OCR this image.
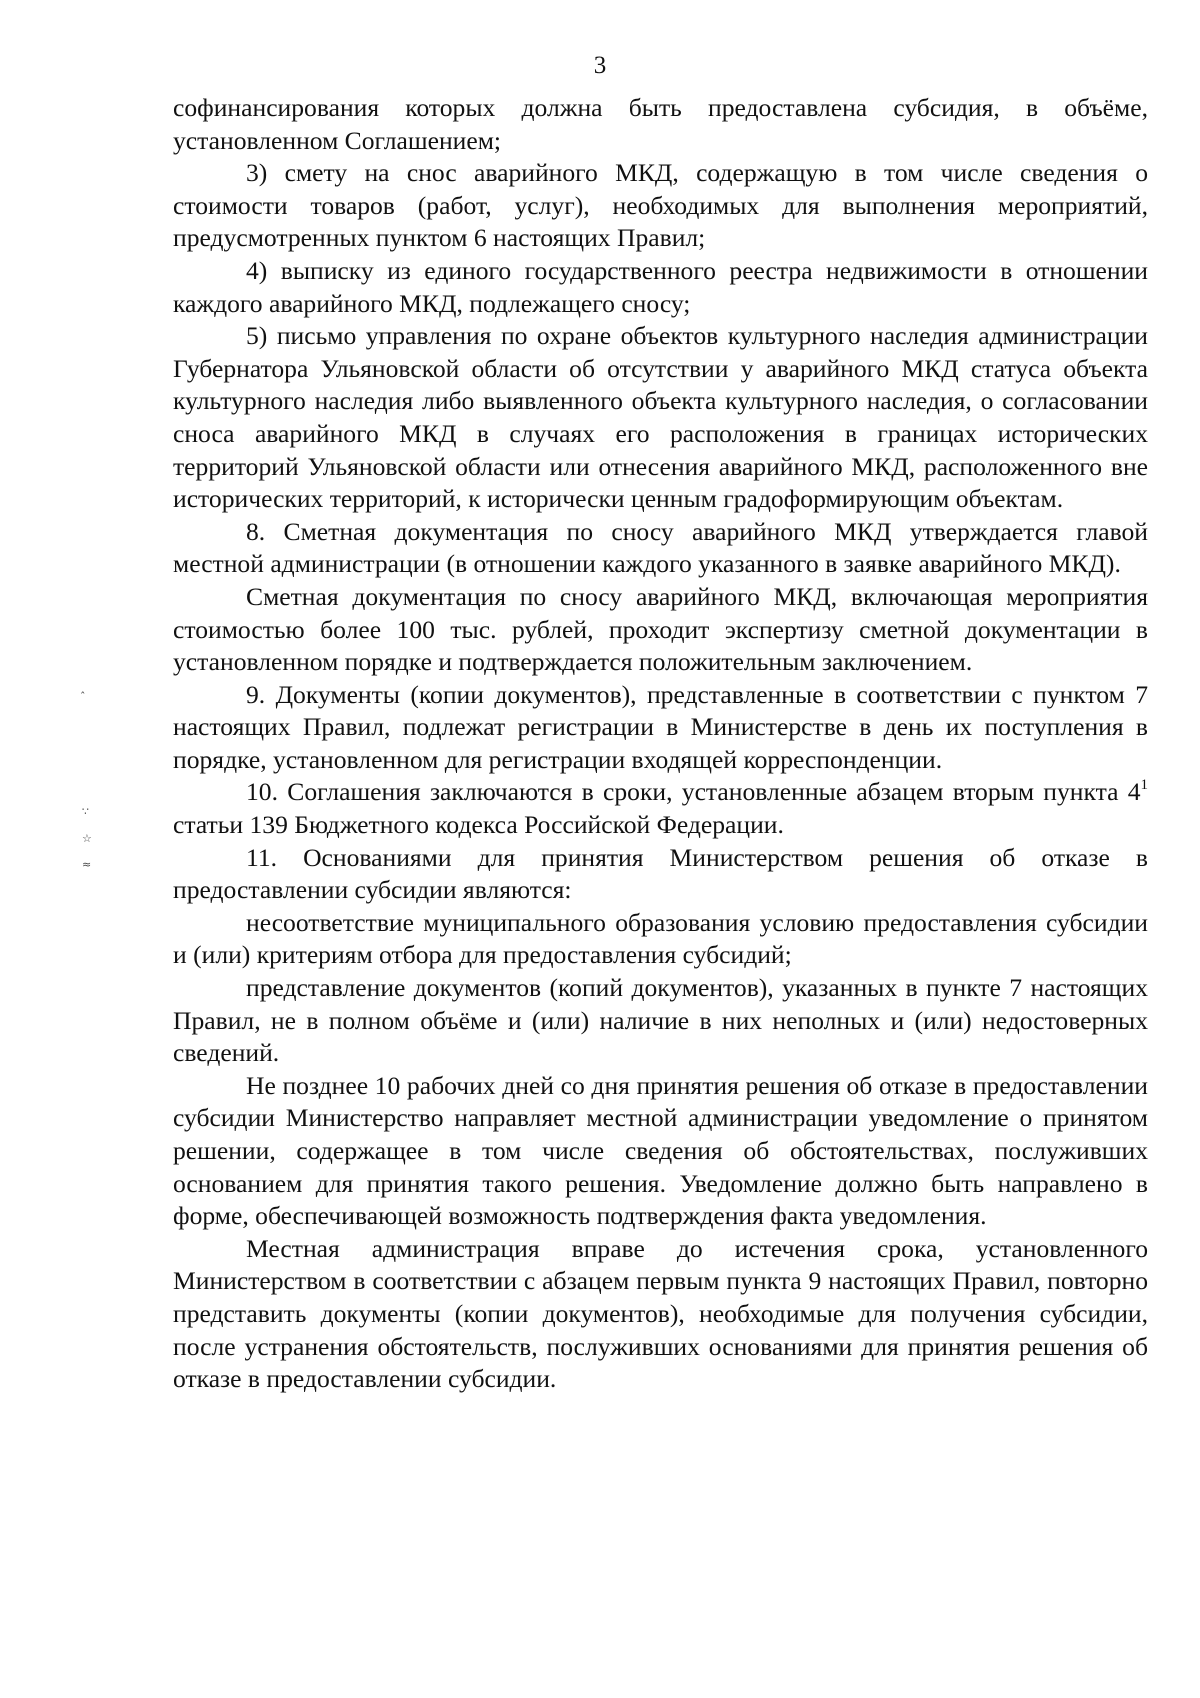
3

софинансирования которых должна быть предоставлена субсидия, в объёме, установленном Соглашением;

3) смету на снос аварийного МКД, содержащую в том числе сведения о стоимости товаров (работ, услуг), необходимых для выполнения мероприятий, предусмотренных пунктом 6 настоящих Правил;

4) выписку из единого государственного реестра недвижимости в отношении каждого аварийного МКД, подлежащего сносу;

5) письмо управления по охране объектов культурного наследия администрации Губернатора Ульяновской области об отсутствии у аварийного МКД статуса объекта культурного наследия либо выявленного объекта культурного наследия, о согласовании сноса аварийного МКД в случаях его расположения в границах исторических территорий Ульяновской области или отнесения аварийного МКД, расположенного вне исторических территорий, к исторически ценным градоформирующим объектам.

8. Сметная документация по сносу аварийного МКД утверждается главой местной администрации (в отношении каждого указанного в заявке аварийного МКД).

Сметная документация по сносу аварийного МКД, включающая мероприятия стоимостью более 100 тыс. рублей, проходит экспертизу сметной документации в установленном порядке и подтверждается положительным заключением.

9. Документы (копии документов), представленные в соответствии с пунктом 7 настоящих Правил, подлежат регистрации в Министерстве в день их поступления в порядке, установленном для регистрации входящей корреспонденции.

10. Соглашения заключаются в сроки, установленные абзацем вторым пункта $4^1$ статьи 139 Бюджетного кодекса Российской Федерации.

11. Основаниями для принятия Министерством решения об отказе в предоставлении субсидии являются:

несоответствие муниципального образования условию предоставления субсидии и (или) критериям отбора для предоставления субсидий;

представление документов (копий документов), указанных в пункте 7 настоящих Правил, не в полном объёме и (или) наличие в них неполных и (или) недостоверных сведений.

Не позднее 10 рабочих дней со дня принятия решения об отказе в предоставлении субсидии Министерство направляет местной администрации уведомление о принятом решении, содержащее в том числе сведения об обстоятельствах, послуживших основанием для принятия такого решения. Уведомление должно быть направлено в форме, обеспечивающей возможность подтверждения факта уведомления.

Местная администрация вправе до истечения срока, установленного Министерством в соответствии с абзацем первым пункта 9 настоящих Правил, повторно представить документы (копии документов), необходимые для получения субсидии, после устранения обстоятельств, послуживших основаниями для принятия решения об отказе в предоставлении субсидии.

ˆ
∵
☆
≈
